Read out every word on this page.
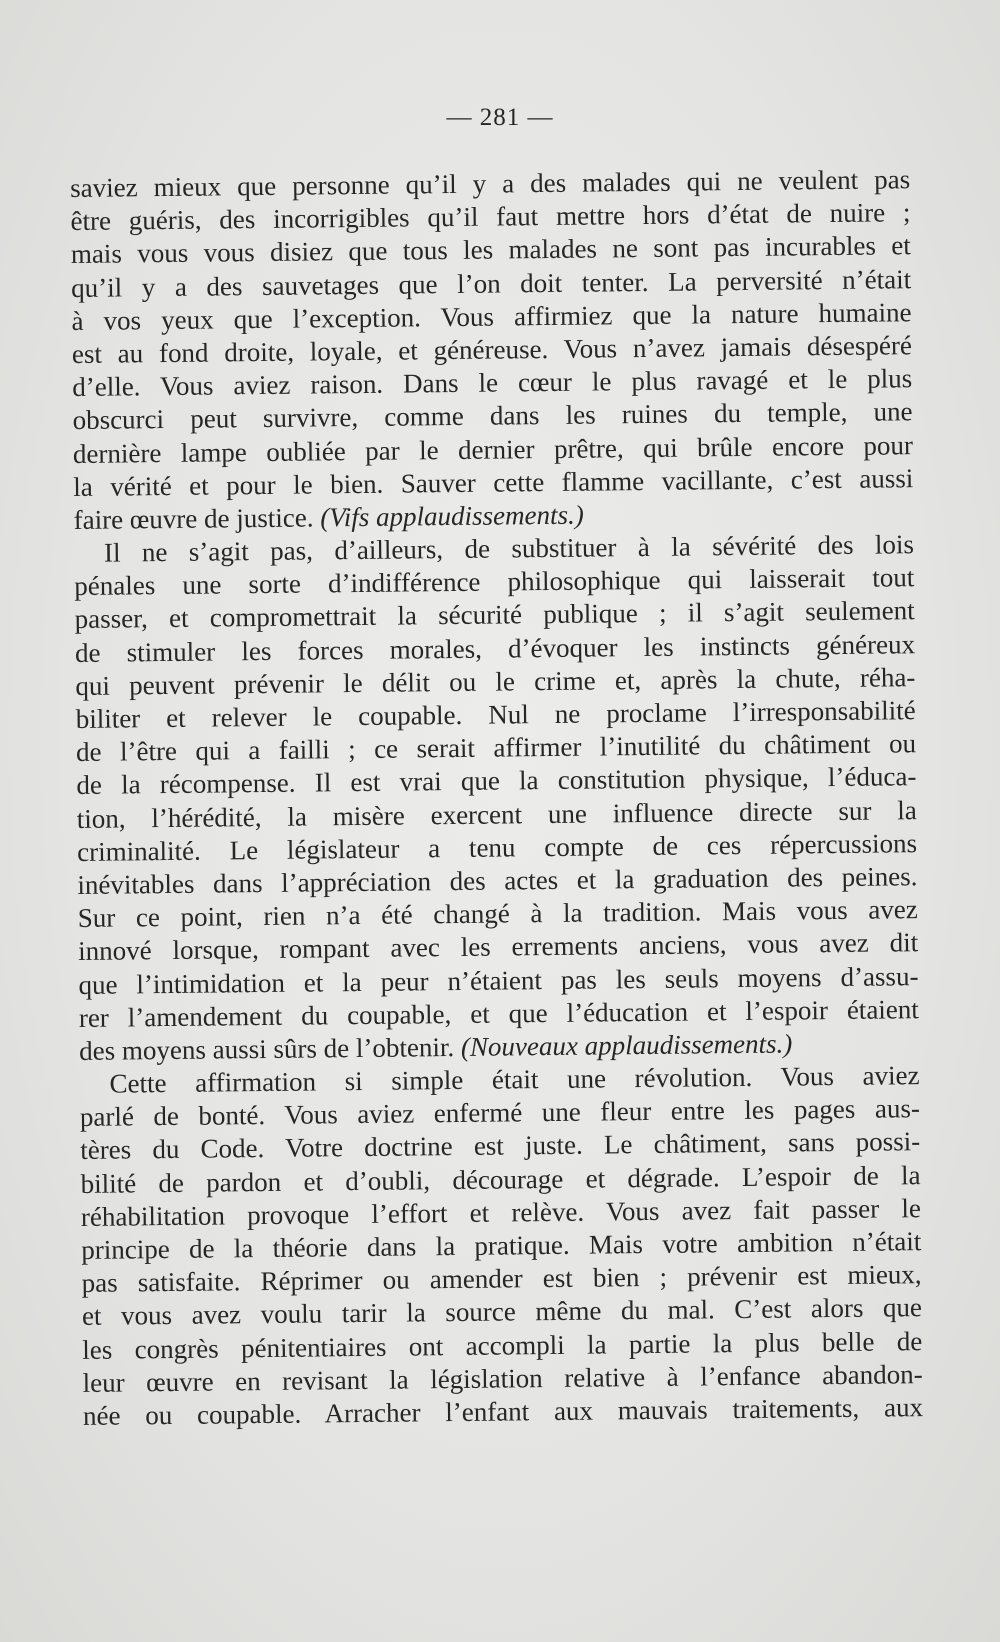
— 281 —
saviez mieux que personne qu’il y a des malades qui ne veulent pas
être guéris, des incorrigibles qu’il faut mettre hors d’état de nuire ;
mais vous vous disiez que tous les malades ne sont pas incurables et
qu’il y a des sauvetages que l’on doit tenter. La perversité n’était
à vos yeux que l’exception. Vous affirmiez que la nature humaine
est au fond droite, loyale, et généreuse. Vous n’avez jamais désespéré
d’elle. Vous aviez raison. Dans le cœur le plus ravagé et le plus
obscurci peut survivre, comme dans les ruines du temple, une
dernière lampe oubliée par le dernier prêtre, qui brûle encore pour
la vérité et pour le bien. Sauver cette flamme vacillante, c’est aussi
faire œuvre de justice. (Vifs applaudissements.)
Il ne s’agit pas, d’ailleurs, de substituer à la sévérité des lois
pénales une sorte d’indifférence philosophique qui laisserait tout
passer, et compromettrait la sécurité publique ; il s’agit seulement
de stimuler les forces morales, d’évoquer les instincts généreux
qui peuvent prévenir le délit ou le crime et, après la chute, réha-
biliter et relever le coupable. Nul ne proclame l’irresponsabilité
de l’être qui a failli ; ce serait affirmer l’inutilité du châtiment ou
de la récompense. Il est vrai que la constitution physique, l’éduca-
tion, l’hérédité, la misère exercent une influence directe sur la
criminalité. Le législateur a tenu compte de ces répercussions
inévitables dans l’appréciation des actes et la graduation des peines.
Sur ce point, rien n’a été changé à la tradition. Mais vous avez
innové lorsque, rompant avec les errements anciens, vous avez dit
que l’intimidation et la peur n’étaient pas les seuls moyens d’assu-
rer l’amendement du coupable, et que l’éducation et l’espoir étaient
des moyens aussi sûrs de l’obtenir. (Nouveaux applaudissements.)
Cette affirmation si simple était une révolution. Vous aviez
parlé de bonté. Vous aviez enfermé une fleur entre les pages aus-
tères du Code. Votre doctrine est juste. Le châtiment, sans possi-
bilité de pardon et d’oubli, décourage et dégrade. L’espoir de la
réhabilitation provoque l’effort et relève. Vous avez fait passer le
principe de la théorie dans la pratique. Mais votre ambition n’était
pas satisfaite. Réprimer ou amender est bien ; prévenir est mieux,
et vous avez voulu tarir la source même du mal. C’est alors que
les congrès pénitentiaires ont accompli la partie la plus belle de
leur œuvre en revisant la législation relative à l’enfance abandon-
née ou coupable. Arracher l’enfant aux mauvais traitements, aux
